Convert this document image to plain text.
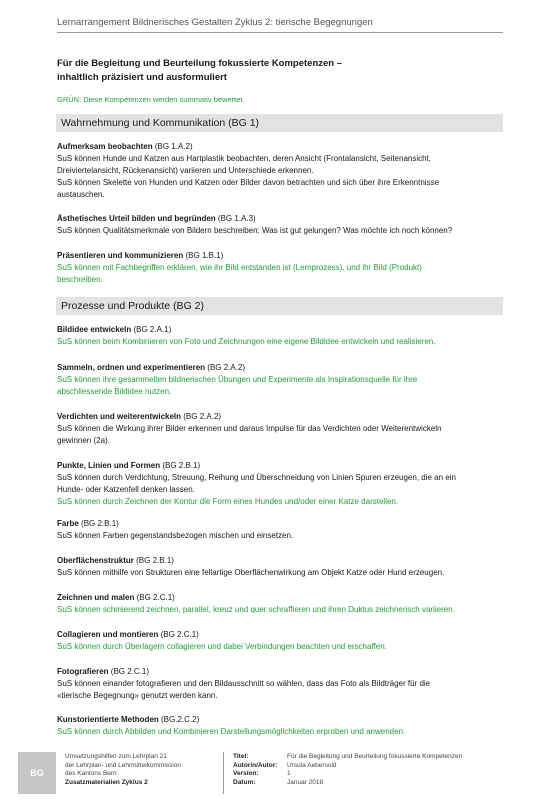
Lernarrangement Bildnerisches Gestalten Zyklus 2: tierische Begegnungen
Für die Begleitung und Beurteilung fokussierte Kompetenzen –
inhaltlich präzisiert und ausformuliert
GRÜN: Diese Kompetenzen werden summativ bewertet.
Wahrnehmung und Kommunikation (BG 1)
Aufmerksam beobachten (BG 1.A.2)
SuS können Hunde und Katzen aus Hartplastik beobachten, deren Ansicht (Frontalansicht, Seitenansicht,
Dreiviertelansicht, Rückenansicht) variieren und Unterschiede erkennen.
SuS können Skelette von Hunden und Katzen oder Bilder davon betrachten und sich über ihre Erkenntnisse
austauschen.
Ästhetisches Urteil bilden und begründen (BG 1.A.3)
SuS können Qualitätsmerkmale von Bildern beschreiben: Was ist gut gelungen? Was möchte ich noch können?
Präsentieren und kommunizieren (BG 1.B.1)
SuS können mit Fachbegriffen erklären, wie ihr Bild entstanden ist (Lernprozess), und ihr Bild (Produkt)
beschreiben.
Prozesse und Produkte (BG 2)
Bildidee entwickeln (BG 2.A.1)
SuS können beim Kombinieren von Foto und Zeichnungen eine eigene Bildidee entwickeln und realisieren.
Sammeln, ordnen und experimentieren (BG 2.A.2)
SuS können ihre gesammelten bildnerischen Übungen und Experimente als Inspirationsquelle für ihre
abschliessende Bildidee nutzen.
Verdichten und weiterentwickeln (BG 2.A.2)
SuS können die Wirkung ihrer Bilder erkennen und daraus Impulse für das Verdichten oder Weiterentwickeln
gewinnen (2a).
Punkte, Linien und Formen (BG 2.B.1)
SuS können durch Verdichtung, Streuung, Reihung und Überschneidung von Linien Spuren erzeugen, die an ein
Hunde- oder Katzenfell denken lassen.
SuS können durch Zeichnen der Kontur die Form eines Hundes und/oder einer Katze darstellen.
Farbe (BG 2.B.1)
SuS können Farben gegenstandsbezogen mischen und einsetzen.
Oberflächenstruktur (BG 2.B.1)
SuS können mithilfe von Strukturen eine fellartige Oberflächenwirkung am Objekt Katze oder Hund erzeugen.
Zeichnen und malen (BG 2.C.1)
SuS können schmierend zeichnen, parallel, kreuz und quer schraffieren und ihren Duktus zeichnerisch variieren.
Collagieren und montieren (BG 2.C.1)
SuS können durch Überlagern collagieren und dabei Verbindungen beachten und erschaffen.
Fotografieren (BG 2.C.1)
SuS können einander fotografieren und den Bildausschnitt so wählen, dass das Foto als Bildträger für die
«tierische Begegnung» genutzt werden kann.
Kunstorientierte Methoden (BG.2.C.2)
SuS können durch Abbilden und Kombinieren Darstellungsmöglichkeiten erproben und anwenden.
BG
Umsetzungshilfen zum Lehrplan 21
der Lehrplan- und Lehrmittelkommission
des Kantons Bern
Zusatzmaterialien Zyklus 2
Titel:	Für die Begleitung und Beurteilung fokussierte Kompetenzen
Autorin/Autor:	Ursula Aebersold
Version:	1
Datum:	Januar 2018
